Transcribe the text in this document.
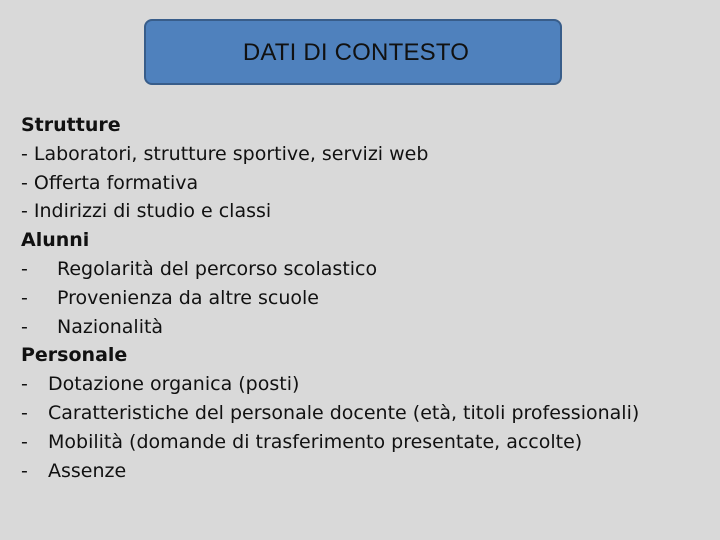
DATI DI CONTESTO
Strutture
- Laboratori, strutture sportive, servizi web
- Offerta formativa
- Indirizzi di studio e classi
Alunni
- Regolarità del percorso scolastico
- Provenienza da altre scuole
- Nazionalità
Personale
- Dotazione organica (posti)
- Caratteristiche del personale docente (età, titoli professionali)
- Mobilità (domande di trasferimento presentate, accolte)
- Assenze
